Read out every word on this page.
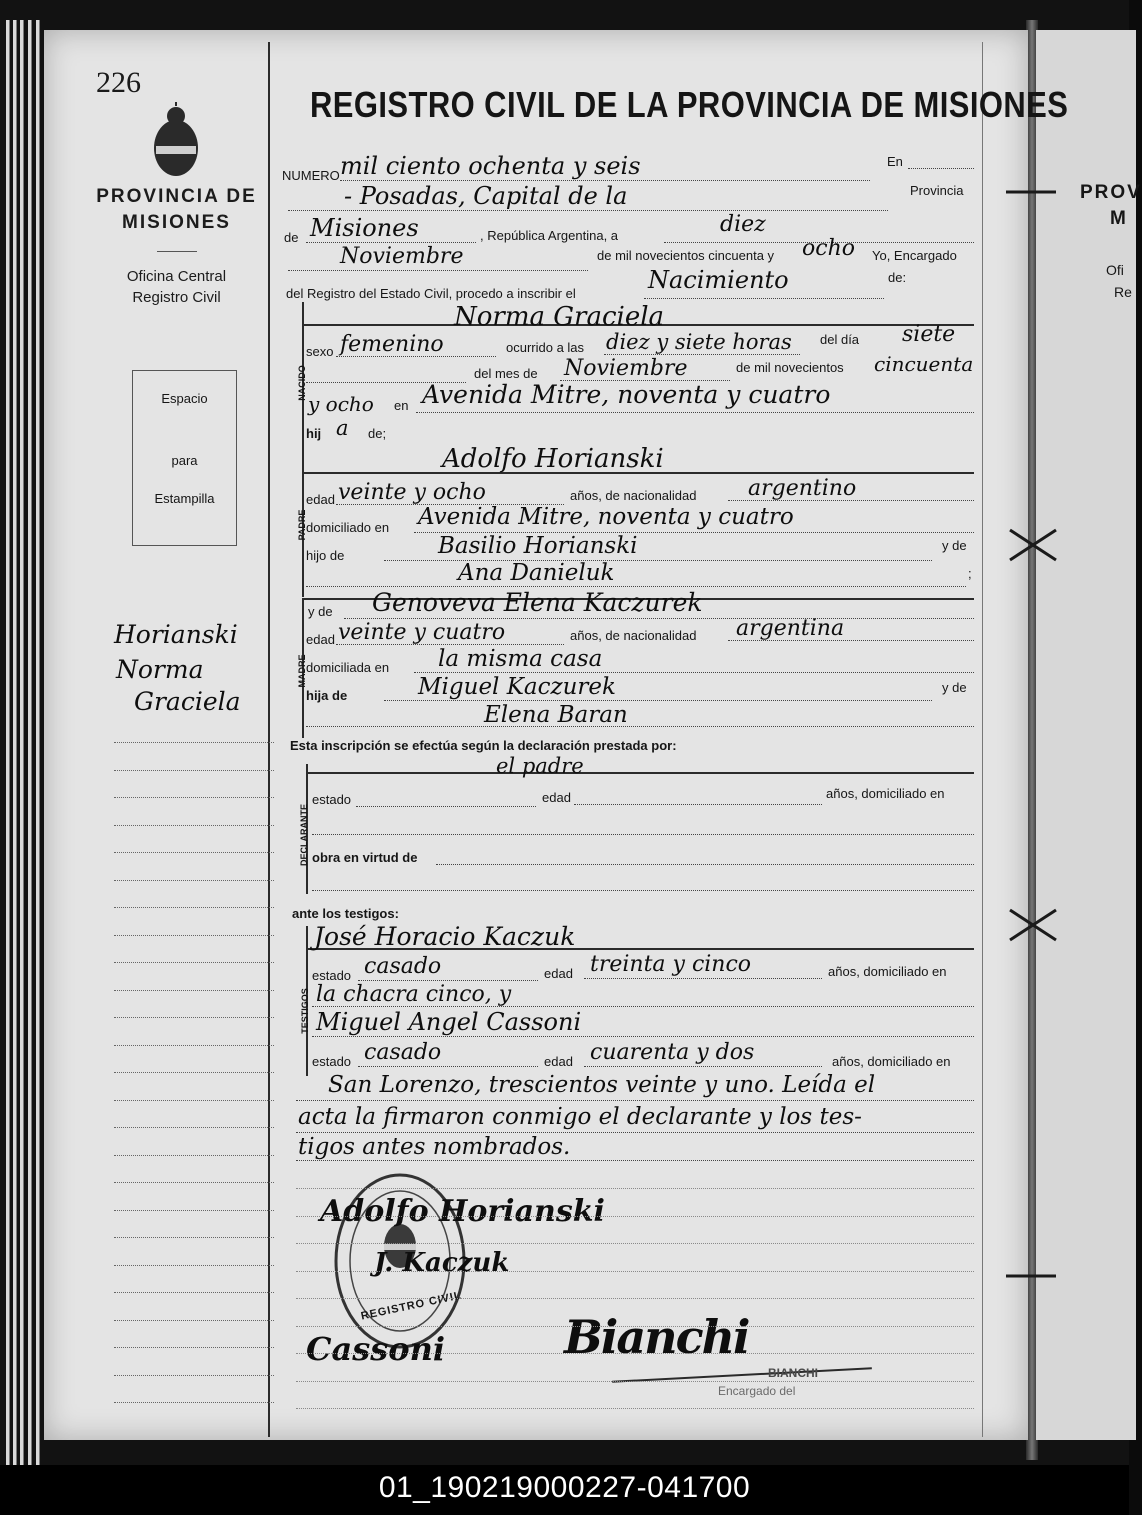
PROV
M
Ofi
Re
226
PROVINCIA DE
MISIONES
Oficina Central
Registro Civil
Espacio
para
Estampilla
Horianski
Norma
Graciela
REGISTRO CIVIL DE LA PROVINCIA DE MISIONES
NUMERO mil ciento ochenta y seis	En
- Posadas, Capital de la	Provincia
de Misiones	, República Argentina, a	diez
Noviembre	de mil novecientos cincuenta y ocho Yo, Encargado
del Registro del Estado Civil, procedo a inscribir el	Nacimiento	de:
NACIDO
Norma Graciela
sexo femenino	ocurrido a las diez y siete horas del día siete
del mes de Noviembre	de mil novecientos cincuenta
y ocho en Avenida Mitre, noventa y cuatro
hij a de;
PADRE
Adolfo Horianski
edad veinte y ocho	años, de nacionalidad argentino
domiciliado en Avenida Mitre, noventa y cuatro
hijo de	Basilio Horianski	y de
Ana Danieluk	;
MADRE
y de Genoveva Elena Kaczurek
edad veinte y cuatro	años, de nacionalidad argentina
domiciliada en la misma casa
hija de	Miguel Kaczurek	y de
Elena Baran
Esta inscripción se efectúa según la declaración prestada por:
DECLARANTE
el padre
estado	edad	años, domiciliado en
obra en virtud de
ante los testigos:
TESTIGOS
José Horacio Kaczuk
estado casado	edad treinta y cinco	años, domiciliado en
la chacra cinco, y
Miguel Angel Cassoni
estado casado	edad cuarenta y dos	años, domiciliado en
San Lorenzo, trescientos veinte y uno. Leída el
acta la firmaron conmigo el declarante y los tes-
tigos antes nombrados.
REGISTRO CIVIL
Adolfo Horianski
J. Kaczuk
Cassoni	Bianchi
BIANCHI
Encargado del
01_190219000227-041700
